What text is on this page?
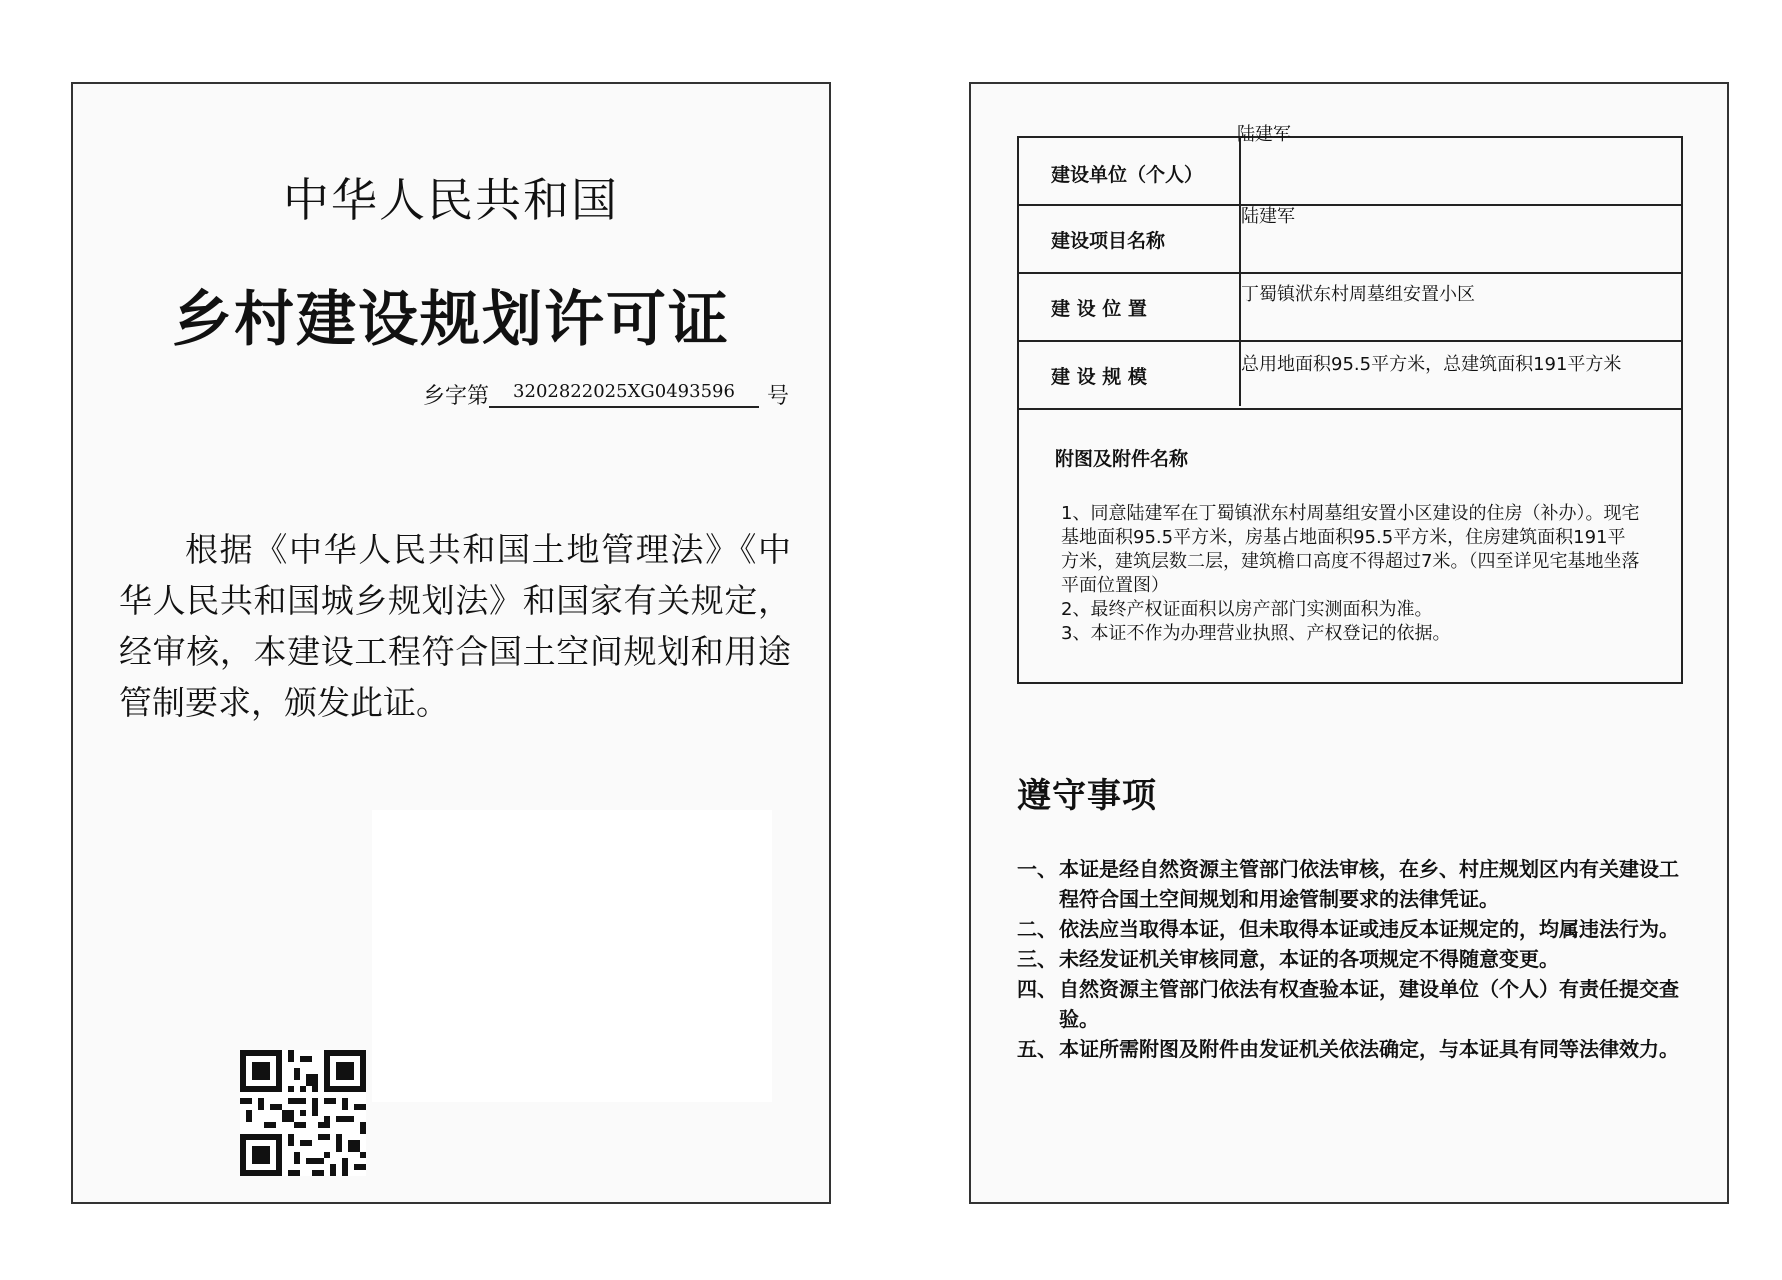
中华人民共和国
乡村建设规划许可证
乡字第	3202822025XG0493596	号
根据《中华人民共和国土地管理法》《中华人民共和国城乡规划法》和国家有关规定，经审核，本建设工程符合国土空间规划和用途管制要求，颁发此证。
建设单位（个人）
建设项目名称
陆建军
建 设 位 置
丁蜀镇洑东村周墓组安置小区
建 设 规 模
总用地面积95.5平方米，总建筑面积191平方米
附图及附件名称
1、同意陆建军在丁蜀镇洑东村周墓组安置小区建设的住房（补办）。现宅基地面积95.5平方米，房基占地面积95.5平方米，住房建筑面积191平方米，建筑层数二层，建筑檐口高度不得超过7米。（四至详见宅基地坐落平面位置图）
2、最终产权证面积以房产部门实测面积为准。
3、本证不作为办理营业执照、产权登记的依据。
陆建军
遵守事项
一、 本证是经自然资源主管部门依法审核，在乡、村庄规划区内有关建设工程符合国土空间规划和用途管制要求的法律凭证。
二、 依法应当取得本证，但未取得本证或违反本证规定的，均属违法行为。
三、 未经发证机关审核同意，本证的各项规定不得随意变更。
四、 自然资源主管部门依法有权查验本证，建设单位（个人）有责任提交查验。
五、 本证所需附图及附件由发证机关依法确定，与本证具有同等法律效力。
